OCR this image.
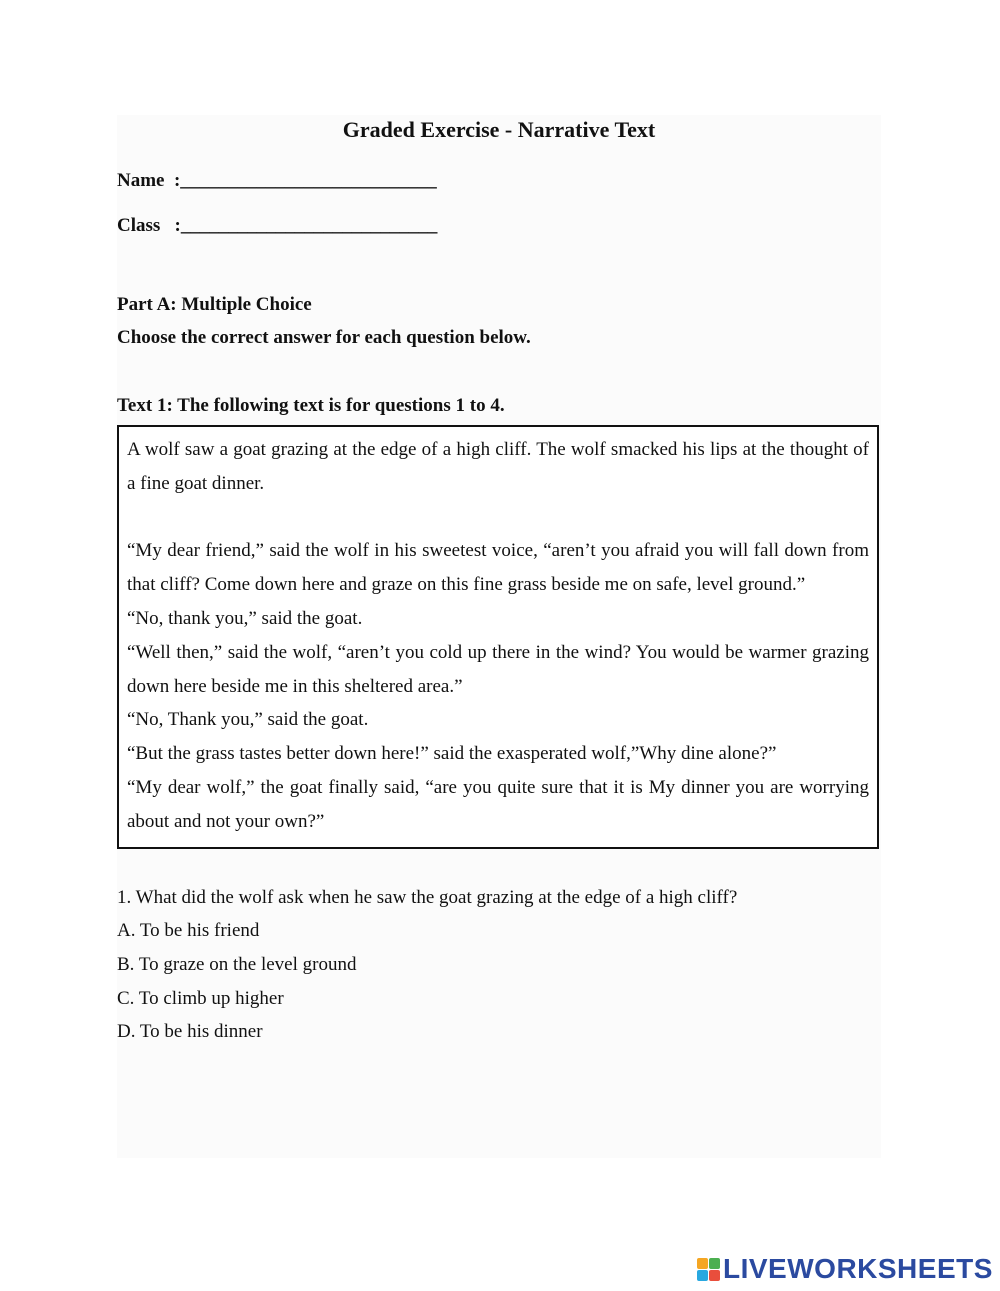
Graded Exercise - Narrative Text
Name  :___________________________
Class   :___________________________
Part A: Multiple Choice
Choose the correct answer for each question below.
Text 1: The following text is for questions 1 to 4.

A wolf saw a goat grazing at the edge of a high cliff. The wolf smacked his lips at the thought of a fine goat dinner.

“My dear friend,” said the wolf in his sweetest voice, “aren’t you afraid you will fall down from that cliff? Come down here and graze on this fine grass beside me on safe, level ground.”

“No, thank you,” said the goat.

“Well then,” said the wolf, “aren’t you cold up there in the wind? You would be warmer grazing down here beside me in this sheltered area.”

“No, Thank you,” said the goat.

“But the grass tastes better down here!” said the exasperated wolf,”Why dine alone?”

“My dear wolf,” the goat finally said, “are you quite sure that it is My dinner you are worrying about and not your own?”

1. What did the wolf ask when he saw the goat grazing at the edge of a high cliff?
A. To be his friend
B. To graze on the level ground
C. To climb up higher
D. To be his dinner
LIVEWORKSHEETS
